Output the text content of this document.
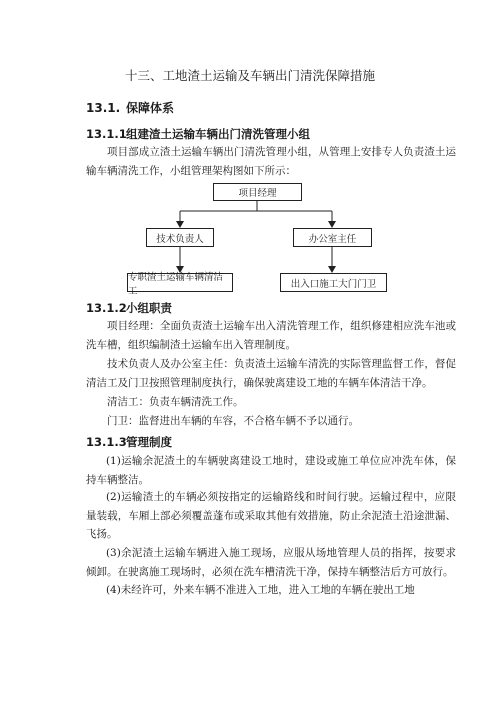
十三、工地渣土运输及车辆出门清洗保障措施
13.1. 保障体系
13.1.1组建渣土运输车辆出门清洗管理小组

项目部成立渣土运输车辆出门清洗管理小组，从管理上安排专人负责渣土运输车辆清洗工作，小组管理架构图如下所示：

项目经理
技术负责人	办公室主任
专职渣土运输车辆清洁工
出入口施工大门门卫
13.1.2小组职责

项目经理：全面负责渣土运输车出入清洗管理工作，组织修建相应洗车池或洗车槽，组织编制渣土运输车出入管理制度。

技术负责人及办公室主任：负责渣土运输车清洗的实际管理监督工作，督促清洁工及门卫按照管理制度执行，确保驶离建设工地的车辆车体清洁干净。

清洁工：负责车辆清洗工作。

门卫：监督进出车辆的车容，不合格车辆不予以通行。

13.1.3管理制度

(1)运输余泥渣土的车辆驶离建设工地时，建设或施工单位应冲洗车体，保持车辆整洁。

(2)运输渣土的车辆必须按指定的运输路线和时间行驶。运输过程中，应限量装载，车厢上部必须覆盖蓬布或采取其他有效措施，防止余泥渣土沿途泄漏、飞扬。

(3)余泥渣土运输车辆进入施工现场，应服从场地管理人员的指挥，按要求倾卸。在驶离施工现场时，必须在洗车槽清洗干净，保持车辆整洁后方可放行。

(4)未经许可，外来车辆不准进入工地，进入工地的车辆在驶出工地
